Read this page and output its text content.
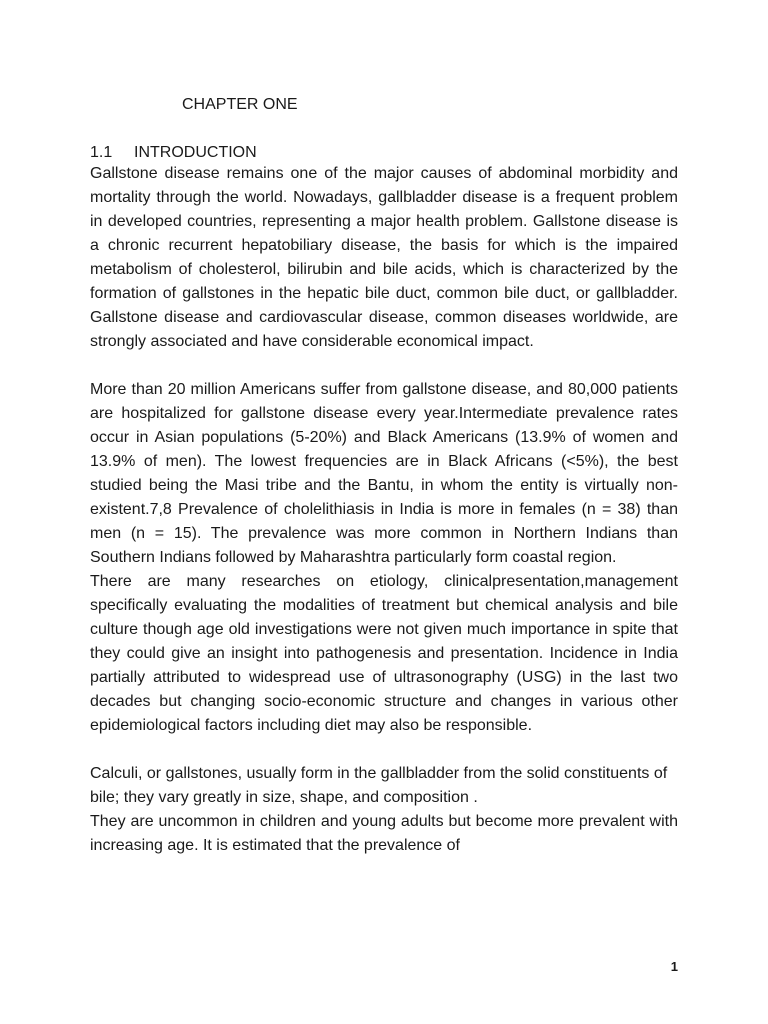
CHAPTER ONE
1.1 INTRODUCTION

Gallstone disease remains one of the major causes of abdominal morbidity and mortality through the world. Nowadays, gallbladder disease is a frequent problem in developed countries, representing a major health problem. Gallstone disease is a chronic recurrent hepatobiliary disease, the basis for which is the impaired metabolism of cholesterol, bilirubin and bile acids, which is characterized by the formation of gallstones in the hepatic bile duct, common bile duct, or gallbladder. Gallstone disease and cardiovascular disease, common diseases worldwide, are strongly associated and have considerable economical impact.

More than 20 million Americans suffer from gallstone disease, and 80,000 patients are hospitalized for gallstone disease every year.Intermediate prevalence rates occur in Asian populations (5-20%) and Black Americans (13.9% of women and 13.9% of men). The lowest frequencies are in Black Africans (<5%), the best studied being the Masi tribe and the Bantu, in whom the entity is virtually non-existent.7,8 Prevalence of cholelithiasis in India is more in females (n = 38) than men (n = 15). The prevalence was more common in Northern Indians than Southern Indians followed by Maharashtra particularly form coastal region.

There are many researches on etiology, clinicalpresentation,management specifically evaluating the modalities of treatment but chemical analysis and bile culture though age old investigations were not given much importance in spite that they could give an insight into pathogenesis and presentation. Incidence in India partially attributed to widespread use of ultrasonography (USG) in the last two decades but changing socio-economic structure and changes in various other epidemiological factors including diet may also be responsible.

Calculi, or gallstones, usually form in the gallbladder from the solid constituents of bile; they vary greatly in size, shape, and composition .

They are uncommon in children and young adults but become more prevalent with increasing age. It is estimated that the prevalence of

1
